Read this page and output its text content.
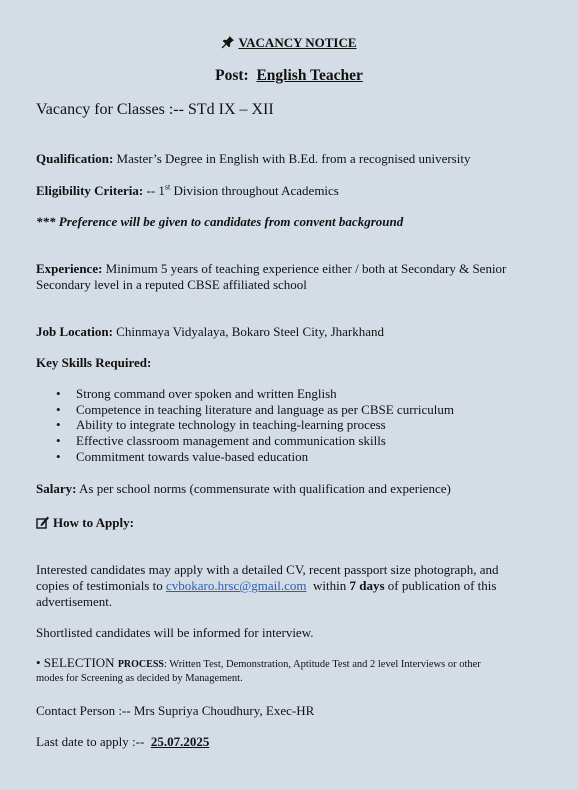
VACANCY NOTICE
Post: English Teacher
Vacancy for Classes :-- STd IX – XII
Qualification: Master’s Degree in English with B.Ed. from a recognised university
Eligibility Criteria: -- 1st Division throughout Academics
*** Preference will be given to candidates from convent background
Experience: Minimum 5 years of teaching experience either / both at Secondary & Senior
Secondary level in a reputed CBSE affiliated school
Job Location: Chinmaya Vidyalaya, Bokaro Steel City, Jharkhand
Key Skills Required:
• Strong command over spoken and written English
• Competence in teaching literature and language as per CBSE curriculum
• Ability to integrate technology in teaching-learning process
• Effective classroom management and communication skills
• Commitment towards value-based education
Salary: As per school norms (commensurate with qualification and experience)
How to Apply:
Interested candidates may apply with a detailed CV, recent passport size photograph, and
copies of testimonials to cvbokaro.hrsc@gmail.com  within 7 days of publication of this
advertisement.
Shortlisted candidates will be informed for interview.
• SELECTION PROCESS: Written Test, Demonstration, Aptitude Test and 2 level Interviews or other
modes for Screening as decided by Management.
Contact Person :-- Mrs Supriya Choudhury, Exec-HR
Last date to apply :--  25.07.2025
